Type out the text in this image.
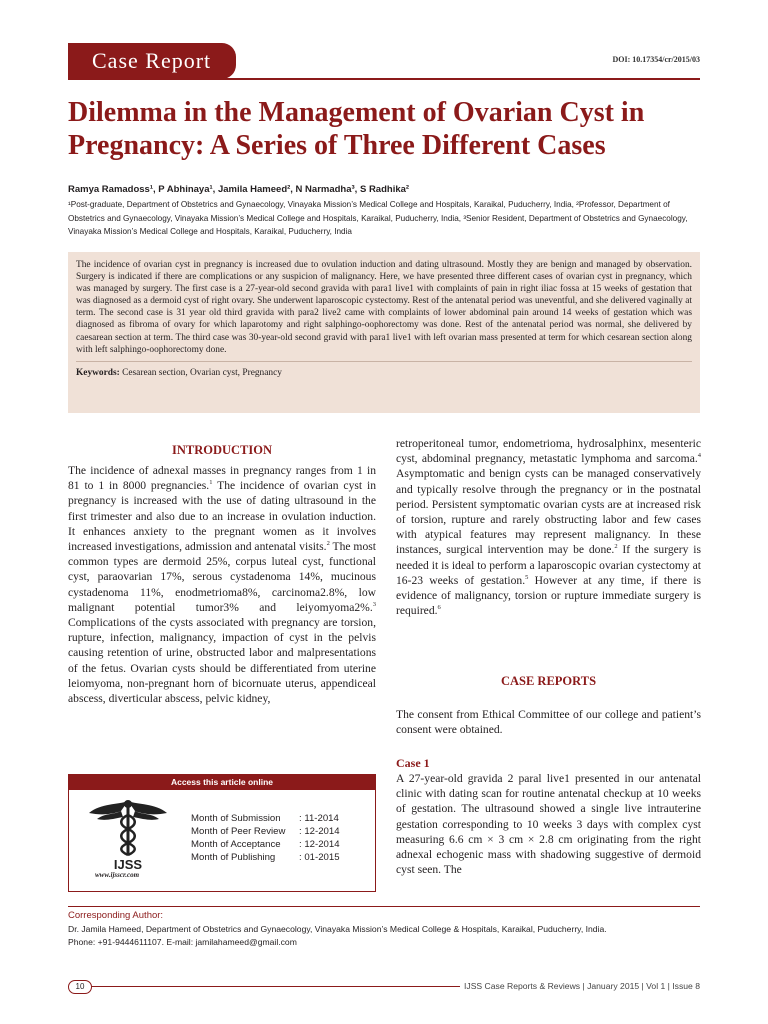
Case Report	DOI: 10.17354/cr/2015/03
Dilemma in the Management of Ovarian Cyst in Pregnancy: A Series of Three Different Cases
Ramya Ramadoss¹, P Abhinaya¹, Jamila Hameed², N Narmadha³, S Radhika²
¹Post-graduate, Department of Obstetrics and Gynaecology, Vinayaka Mission’s Medical College and Hospitals, Karaikal, Puducherry, India, ²Professor, Department of Obstetrics and Gynaecology, Vinayaka Mission’s Medical College and Hospitals, Karaikal, Puducherry, India, ³Senior Resident, Department of Obstetrics and Gynaecology, Vinayaka Mission’s Medical College and Hospitals, Karaikal, Puducherry, India
The incidence of ovarian cyst in pregnancy is increased due to ovulation induction and dating ultrasound. Mostly they are benign and managed by observation. Surgery is indicated if there are complications or any suspicion of malignancy. Here, we have presented three different cases of ovarian cyst in pregnancy, which was managed by surgery. The first case is a 27-year-old second gravida with para1 live1 with complaints of pain in right iliac fossa at 15 weeks of gestation that was diagnosed as a dermoid cyst of right ovary. She underwent laparoscopic cystectomy. Rest of the antenatal period was uneventful, and she delivered vaginally at term. The second case is 31 year old third gravida with para2 live2 came with complaints of lower abdominal pain around 14 weeks of gestation which was diagnosed as fibroma of ovary for which laparotomy and right salphingo-oophorectomy was done. Rest of the antenatal period was normal, she delivered by caesarean section at term. The third case was 30-year-old second gravid with para1 live1 with left ovarian mass presented at term for which cesarean section along with left salphingo-oophorectomy done.
Keywords: Cesarean section, Ovarian cyst, Pregnancy
INTRODUCTION
The incidence of adnexal masses in pregnancy ranges from 1 in 81 to 1 in 8000 pregnancies.$^1$ The incidence of ovarian cyst in pregnancy is increased with the use of dating ultrasound in the first trimester and also due to an increase in ovulation induction. It enhances anxiety to the pregnant women as it involves increased investigations, admission and antenatal visits.$^2$ The most common types are dermoid 25%, corpus luteal cyst, functional cyst, paraovarian 17%, serous cystadenoma 14%, mucinous cystadenoma 11%, enodmetrioma8%, carcinoma2.8%, low malignant potential tumor3% and leiyomyoma2%.$^3$ Complications of the cysts associated with pregnancy are torsion, rupture, infection, malignancy, impaction of cyst in the pelvis causing retention of urine, obstructed labor and malpresentations of the fetus. Ovarian cysts should be differentiated from uterine leiomyoma, non-pregnant horn of bicornuate uterus, appendiceal abscess, diverticular abscess, pelvic kidney,
retroperitoneal tumor, endometrioma, hydrosalphinx, mesenteric cyst, abdominal pregnancy, metastatic lymphoma and sarcoma.$^4$ Asymptomatic and benign cysts can be managed conservatively and typically resolve through the pregnancy or in the postnatal period. Persistent symptomatic ovarian cysts are at increased risk of torsion, rupture and rarely obstructing labor and few cases with atypical features may represent malignancy. In these instances, surgical intervention may be done.$^2$ If the surgery is needed it is ideal to perform a laparoscopic ovarian cystectomy at 16-23 weeks of gestation.$^5$ However at any time, if there is evidence of malignancy, torsion or rupture immediate surgery is required.$^6$
CASE REPORTS
The consent from Ethical Committee of our college and patient’s consent were obtained.
Case 1
A 27-year-old gravida 2 paral live1 presented in our antenatal clinic with dating scan for routine antenatal checkup at 10 weeks of gestation. The ultrasound showed a single live intrauterine gestation corresponding to 10 weeks 3 days with complex cyst measuring 6.6 cm × 3 cm × 2.8 cm originating from the right adnexal echogenic mass with shadowing suggestive of dermoid cyst seen. The
Access this article online
IJSS
www.ijsscr.com
Month of Submission	: 11-2014
Month of Peer Review	: 12-2014
Month of Acceptance	: 12-2014
Month of Publishing	: 01-2015
Corresponding Author:
Dr. Jamila Hameed, Department of Obstetrics and Gynaecology, Vinayaka Mission’s Medical College & Hospitals, Karaikal, Puducherry, India.
Phone: +91-9444611107. E-mail: jamilahameed@gmail.com
10	IJSS Case Reports & Reviews | January 2015 | Vol 1 | Issue 8
